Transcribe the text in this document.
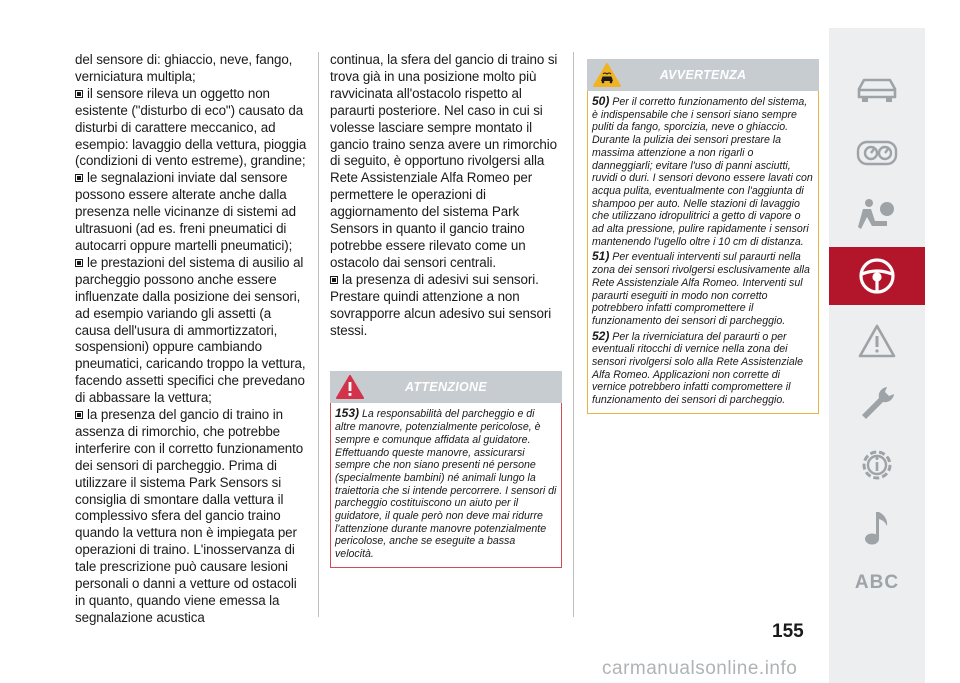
del sensore di: ghiaccio, neve, fango, verniciatura multipla;

il sensore rileva un oggetto non esistente ("disturbo di eco") causato da disturbi di carattere meccanico, ad esempio: lavaggio della vettura, pioggia (condizioni di vento estreme), grandine;

le segnalazioni inviate dal sensore possono essere alterate anche dalla presenza nelle vicinanze di sistemi ad ultrasuoni (ad es. freni pneumatici di autocarri oppure martelli pneumatici);

le prestazioni del sistema di ausilio al parcheggio possono anche essere influenzate dalla posizione dei sensori, ad esempio variando gli assetti (a causa dell'usura di ammortizzatori, sospensioni) oppure cambiando pneumatici, caricando troppo la vettura, facendo assetti specifici che prevedano di abbassare la vettura;

la presenza del gancio di traino in assenza di rimorchio, che potrebbe interferire con il corretto funzionamento dei sensori di parcheggio. Prima di utilizzare il sistema Park Sensors si consiglia di smontare dalla vettura il complessivo sfera del gancio traino quando la vettura non è impiegata per operazioni di traino. L'inosservanza di tale prescrizione può causare lesioni personali o danni a vetture od ostacoli in quanto, quando viene emessa la segnalazione acustica

continua, la sfera del gancio di traino si trova già in una posizione molto più ravvicinata all'ostacolo rispetto al paraurti posteriore. Nel caso in cui si volesse lasciare sempre montato il gancio traino senza avere un rimorchio di seguito, è opportuno rivolgersi alla Rete Assistenziale Alfa Romeo per permettere le operazioni di aggiornamento del sistema Park Sensors in quanto il gancio traino potrebbe essere rilevato come un ostacolo dai sensori centrali.

la presenza di adesivi sui sensori. Prestare quindi attenzione a non sovrapporre alcun adesivo sui sensori stessi.

ATTENZIONE

153) La responsabilità del parcheggio e di altre manovre, potenzialmente pericolose, è sempre e comunque affidata al guidatore. Effettuando queste manovre, assicurarsi sempre che non siano presenti né persone (specialmente bambini) né animali lungo la traiettoria che si intende percorrere. I sensori di parcheggio costituiscono un aiuto per il guidatore, il quale però non deve mai ridurre l'attenzione durante manovre potenzialmente pericolose, anche se eseguite a bassa velocità.

AVVERTENZA

50) Per il corretto funzionamento del sistema, è indispensabile che i sensori siano sempre puliti da fango, sporcizia, neve o ghiaccio. Durante la pulizia dei sensori prestare la massima attenzione a non rigarli o danneggiarli; evitare l'uso di panni asciutti, ruvidi o duri. I sensori devono essere lavati con acqua pulita, eventualmente con l'aggiunta di shampoo per auto. Nelle stazioni di lavaggio che utilizzano idropulitrici a getto di vapore o ad alta pressione, pulire rapidamente i sensori mantenendo l'ugello oltre i 10 cm di distanza.

51) Per eventuali interventi sul paraurti nella zona dei sensori rivolgersi esclusivamente alla Rete Assistenziale Alfa Romeo. Interventi sul paraurti eseguiti in modo non corretto potrebbero infatti compromettere il funzionamento dei sensori di parcheggio.

52) Per la riverniciatura del paraurti o per eventuali ritocchi di vernice nella zona dei sensori rivolgersi solo alla Rete Assistenziale Alfa Romeo. Applicazioni non corrette di vernice potrebbero infatti compromettere il funzionamento dei sensori di parcheggio.

ABC
155
carmanualsonline.info
